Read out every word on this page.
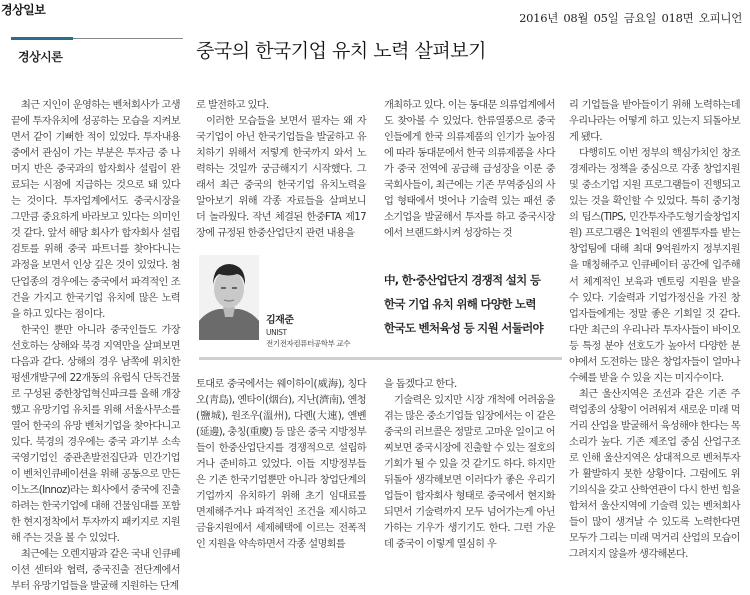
경상일보
2016년 08월 05일 금요일 018면 오피니언
경상시론	중국의 한국기업 유치 노력 살펴보기

최근 지인이 운영하는 벤처회사가 고생 끝에 투자유치에 성공하는 모습을 지켜보면서 같이 기뻐한 적이 있었다. 투자내용 중에서 관심이 가는 부분은 투자금 중 나머지 반은 중국과의 합자회사 설립이 완료되는 시점에 지급하는 것으로 돼 있다는 것이다. 투자업계에서도 중국시장을 그만큼 중요하게 바라보고 있다는 의미인 것 같다. 앞서 해당 회사가 합자회사 설립 검토를 위해 중국 파트너를 찾아다니는 과정을 보면서 인상 깊은 것이 있었다. 첨단업종의 경우에는 중국에서 파격적인 조건을 가지고 한국기업 유치에 많은 노력을 하고 있다는 점이다.

한국인 뿐만 아니라 중국인들도 가장 선호하는 상해와 북경 지역만을 살펴보면 다음과 같다. 상해의 경우 남쪽에 위치한 펑센개발구에 22개동의 유럽식 단독건물로 구성된 중한창업혁신파크를 올해 개장했고 유망기업 유치를 위해 서울사무소를 열어 한국의 유망 벤처기업을 찾아다니고 있다. 북경의 경우에는 중국 과기부 소속 국영기업인 중관촌발전집단과 민간기업이 벤처인큐베이션을 위해 공동으로 만든 이노즈(Innoz)라는 회사에서 중국에 진출하려는 한국기업에 대해 건물임대를 포함한 현지정착에서 투자까지 패키지로 지원해 주는 것을 볼 수 있었다.

최근에는 오렌지팜과 같은 국내 인큐베이션 센터와 협력, 중국진출 전단계에서부터 유망기업들을 발굴해 지원하는 단계

로 발전하고 있다.

이러한 모습들을 보면서 필자는 왜 자국기업이 아닌 한국기업들을 발굴하고 유치하기 위해서 저렇게 한국까지 와서 노력하는 것일까 궁금해지기 시작했다. 그래서 최근 중국의 한국기업 유치노력을 알아보기 위해 각종 자료들을 살펴보니 더 놀라웠다. 작년 체결된 한중FTA 제17장에 규정된 한중산업단지 관련 내용을

개최하고 있다. 이는 동대문 의류업계에서도 찾아볼 수 있었다. 한류열풍으로 중국인들에게 한국 의류제품의 인기가 높아짐에 따라 동대문에서 한국 의류제품을 사다가 중국 전역에 공급해 급성장을 이룬 중국회사들이, 최근에는 기존 무역중심의 사업 형태에서 벗어나 기술력 있는 패션 중소기업을 발굴해서 투자를 하고 중국시장에서 브랜드화시켜 성장하는 것

김재준
UNIST
전기전자컴퓨터공학부 교수
中, 한·중산업단지 경쟁적 설치 등
한국 기업 유치 위해 다양한 노력
한국도 벤처육성 등 지원 서둘러야

토대로 중국에서는 웨이하이(威海), 칭다오(靑島), 옌타이(烟台), 지난(濟南), 옌청(鹽城), 원조우(溫州), 다롄(大連), 옌볜(延邊), 충칭(重慶) 등 많은 중국 지방정부들이 한중산업단지를 경쟁적으로 설립하거나 준비하고 있었다. 이들 지방정부들은 기존 한국기업뿐만 아니라 창업단계의 기업까지 유치하기 위해 초기 임대료를 면제해주거나 파격적인 조건을 제시하고 금융지원에서 세제혜택에 이르는 전폭적인 지원을 약속하면서 각종 설명회를

을 돕겠다고 한다.

기술력은 있지만 시장 개척에 어려움을 겪는 많은 중소기업들 입장에서는 이 같은 중국의 러브콜은 정말로 고마운 일이고 어찌보면 중국시장에 진출할 수 있는 절호의 기회가 될 수 있을 것 같기도 하다. 하지만 뒤돌아 생각해보면 이러다가 좋은 우리기업들이 합자회사 형태로 중국에서 현지화되면서 기술력까지 모두 넘어가는게 아닌가하는 기우가 생기기도 한다. 그런 가운데 중국이 이렇게 열심히 우

리 기업들을 받아들이기 위해 노력하는데 우리나라는 어떻게 하고 있는지 되돌아보게 됐다.

다행히도 이번 정부의 핵심가치인 창조경제라는 정책을 중심으로 각종 창업지원 및 중소기업 지원 프로그램들이 진행되고 있는 것을 확인할 수 있었다. 특히 중기청의 팁스(TIPS, 민간투자주도형기술창업지원) 프로그램은 1억원의 엔젤투자를 받는 창업팀에 대해 최대 9억원까지 정부지원을 매칭해주고 인큐베이터 공간에 입주해서 체계적인 보육과 멘토링 지원을 받을 수 있다. 기술력과 기업가정신을 가진 창업자들에게는 정말 좋은 기회일 것 같다. 다만 최근의 우리나라 투자사들이 바이오 등 특정 분야 선호도가 높아서 다양한 분야에서 도전하는 많은 창업자들이 얼마나 수혜를 받을 수 있을 지는 미지수이다.

최근 울산지역은 조선과 같은 기존 주력업종의 상황이 어려워져 새로운 미래 먹거리 산업을 발굴해서 육성해야 한다는 목소리가 높다. 기존 제조업 중심 산업구조로 인해 울산지역은 상대적으로 벤처투자가 활발하지 못한 상황이다. 그럼에도 위기의식을 갖고 산학연관이 다시 한번 힘을 합쳐서 울산지역에 기술력 있는 벤처회사들이 많이 생겨날 수 있도록 노력한다면 모두가 그리는 미래 먹거리 산업의 모습이 그려지지 않을까 생각해본다.
